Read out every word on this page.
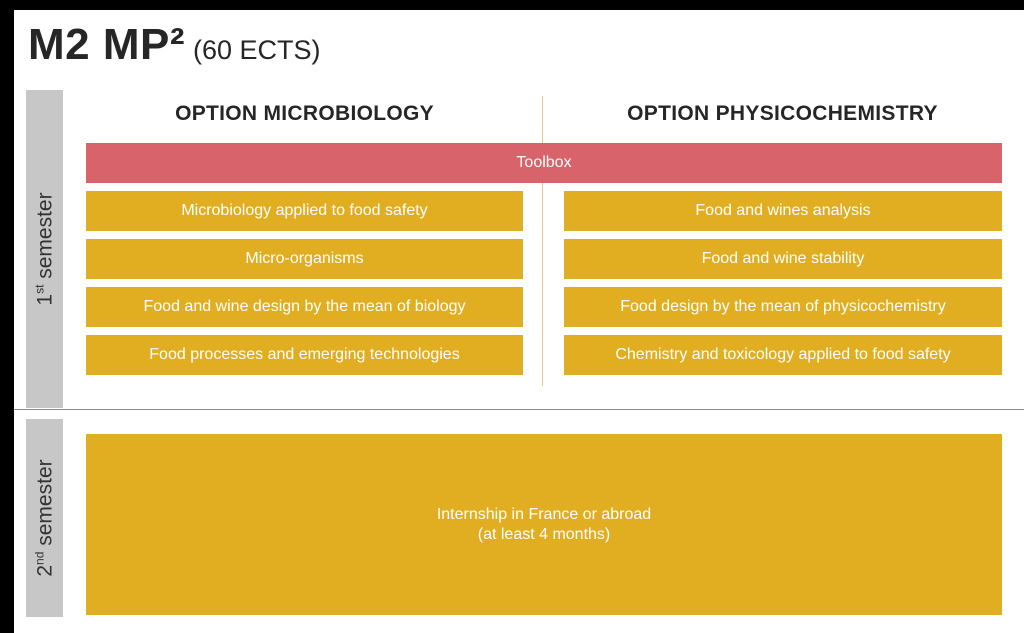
M2 MP² (60 ECTS)
1st semester
2nd semester
OPTION MICROBIOLOGY	OPTION PHYSICOCHEMISTRY
Toolbox
Microbiology applied to food safety
Micro-organisms
Food and wine design by the mean of biology
Food processes and emerging technologies
Food and wines analysis
Food and wine stability
Food design by the mean of physicochemistry
Chemistry and toxicology applied to food safety
Internship in France or abroad
(at least 4 months)
